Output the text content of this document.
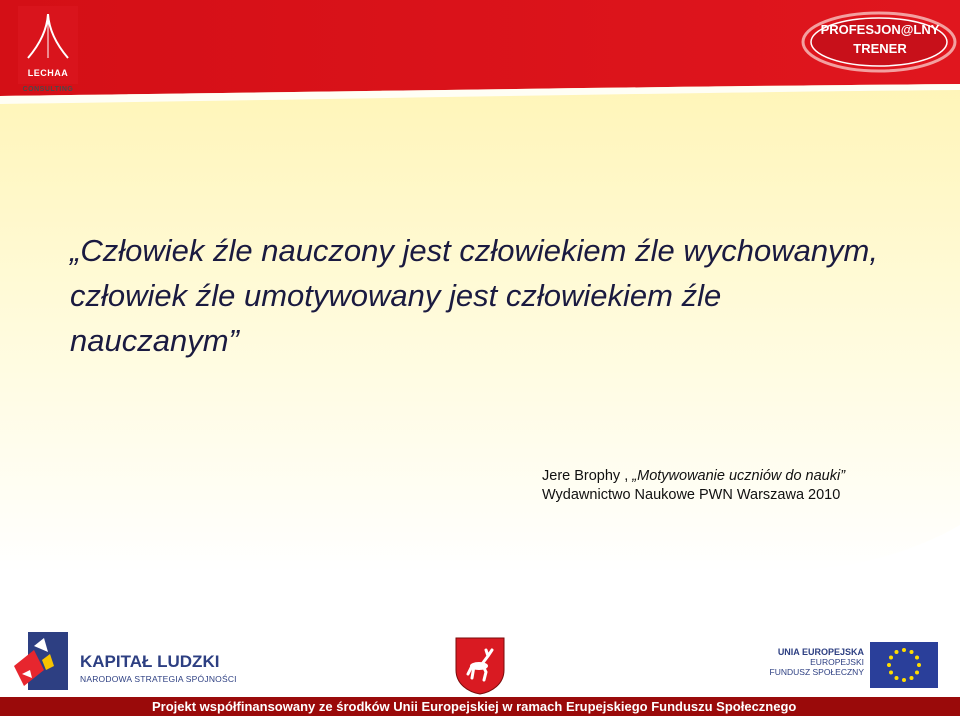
LECHAA
CONSULTING
PROFESJON@LNY
TRENER

„Człowiek źle nauczony jest człowiekiem źle wychowanym, człowiek źle umotywowany jest człowiekiem źle nauczanym”

Jere Brophy , „Motywowanie uczniów do nauki”
Wydawnictwo Naukowe PWN Warszawa 2010
KAPITAŁ LUDZKI
NARODOWA STRATEGIA SPÓJNOŚCI
UNIA EUROPEJSKA
EUROPEJSKI
FUNDUSZ SPOŁECZNY
Projekt współfinansowany ze środków Unii Europejskiej w ramach Erupejskiego Funduszu Społecznego
